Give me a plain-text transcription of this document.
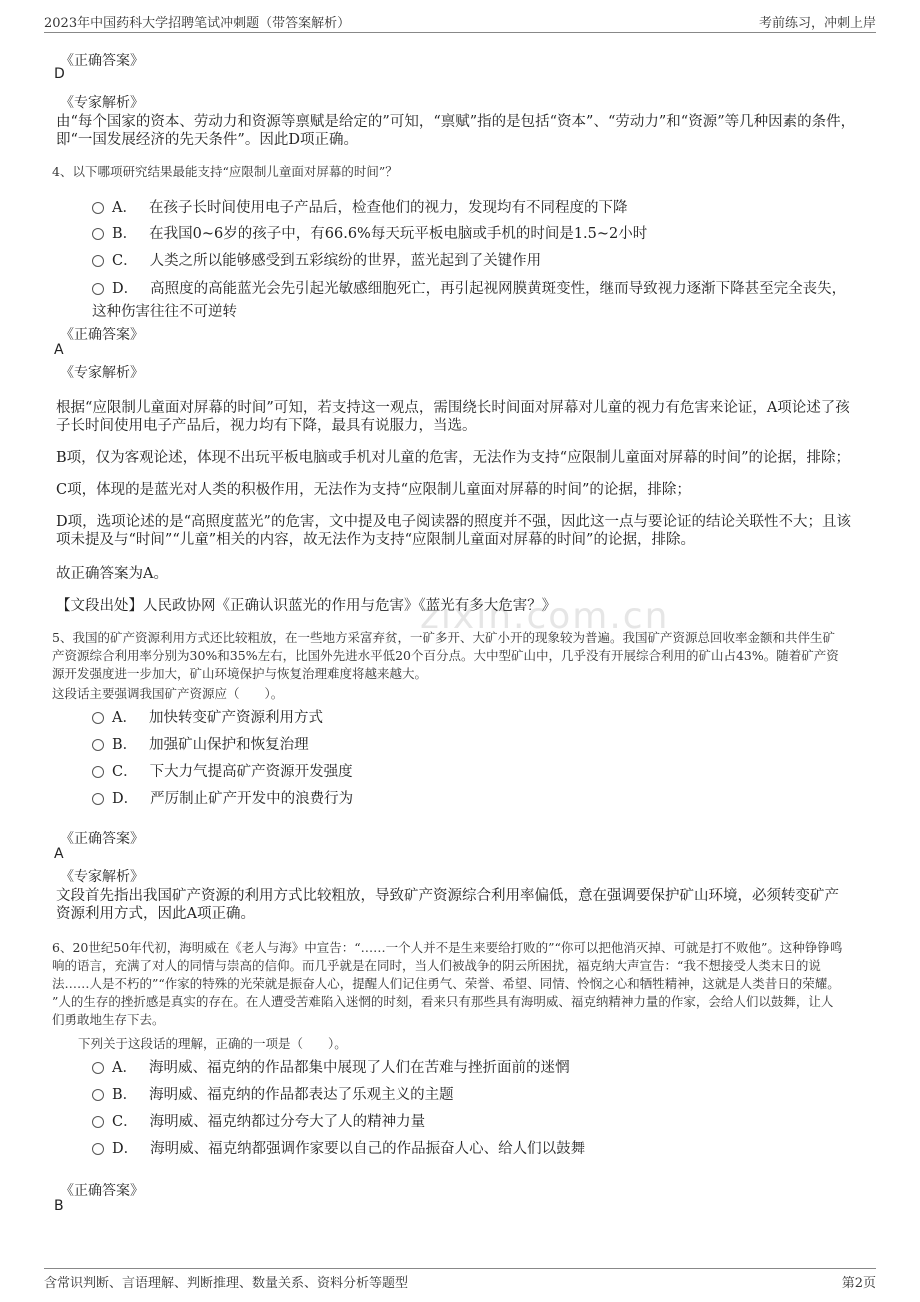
2023年中国药科大学招聘笔试冲刺题（带答案解析）	考前练习，冲刺上岸
zixin.com.cn
《正确答案》
D
《专家解析》
由“每个国家的资本、劳动力和资源等禀赋是给定的”可知，“禀赋”指的是包括“资本”、“劳动力”和“资源”等几种因素的条件，
即“一国发展经济的先天条件”。因此D项正确。
4、以下哪项研究结果最能支持“应限制儿童面对屏幕的时间”？
A． 在孩子长时间使用电子产品后，检查他们的视力，发现均有不同程度的下降
B． 在我国0~6岁的孩子中，有66.6%每天玩平板电脑或手机的时间是1.5~2小时
C． 人类之所以能够感受到五彩缤纷的世界，蓝光起到了关键作用
D． 高照度的高能蓝光会先引起光敏感细胞死亡，再引起视网膜黄斑变性，继而导致视力逐渐下降甚至完全丧失，
这种伤害往往不可逆转
《正确答案》
A
《专家解析》
根据“应限制儿童面对屏幕的时间”可知，若支持这一观点，需围绕长时间面对屏幕对儿童的视力有危害来论证，A项论述了孩
子长时间使用电子产品后，视力均有下降，最具有说服力，当选。
B项，仅为客观论述，体现不出玩平板电脑或手机对儿童的危害，无法作为支持“应限制儿童面对屏幕的时间”的论据，排除；
C项，体现的是蓝光对人类的积极作用，无法作为支持“应限制儿童面对屏幕的时间”的论据，排除；
D项，选项论述的是“高照度蓝光”的危害，文中提及电子阅读器的照度并不强，因此这一点与要论证的结论关联性不大；且该
项未提及与“时间”“儿童”相关的内容，故无法作为支持“应限制儿童面对屏幕的时间”的论据，排除。
故正确答案为A。
【文段出处】人民政协网《正确认识蓝光的作用与危害》《蓝光有多大危害？》
5、我国的矿产资源利用方式还比较粗放，在一些地方采富弃贫，一矿多开、大矿小开的现象较为普遍。我国矿产资源总回收率金额和共伴生矿
产资源综合利用率分别为30%和35%左右，比国外先进水平低20个百分点。大中型矿山中，几乎没有开展综合利用的矿山占43%。随着矿产资
源开发强度进一步加大，矿山环境保护与恢复治理难度将越来越大。
这段话主要强调我国矿产资源应（　　）。
A． 加快转变矿产资源利用方式
B． 加强矿山保护和恢复治理
C． 下大力气提高矿产资源开发强度
D． 严厉制止矿产开发中的浪费行为
《正确答案》
A
《专家解析》
文段首先指出我国矿产资源的利用方式比较粗放，导致矿产资源综合利用率偏低，意在强调要保护矿山环境，必须转变矿产
资源利用方式，因此A项正确。
6、20世纪50年代初，海明威在《老人与海》中宣告：“……一个人并不是生来要给打败的”“你可以把他消灭掉、可就是打不败他”。这种铮铮鸣
响的语言，充满了对人的同情与崇高的信仰。而几乎就是在同时，当人们被战争的阴云所困扰，福克纳大声宣告：“我不想接受人类末日的说
法……人是不朽的”“作家的特殊的光荣就是振奋人心，提醒人们记住勇气、荣誉、希望、同情、怜悯之心和牺牲精神，这就是人类昔日的荣耀。
”人的生存的挫折感是真实的存在。在人遭受苦难陷入迷惘的时刻，看来只有那些具有海明威、福克纳精神力量的作家，会给人们以鼓舞，让人
们勇敢地生存下去。
下列关于这段话的理解，正确的一项是（　　）。
A． 海明威、福克纳的作品都集中展现了人们在苦难与挫折面前的迷惘
B． 海明威、福克纳的作品都表达了乐观主义的主题
C． 海明威、福克纳都过分夸大了人的精神力量
D． 海明威、福克纳都强调作家要以自己的作品振奋人心、给人们以鼓舞
《正确答案》
B
含常识判断、言语理解、判断推理、数量关系、资料分析等题型	第2页
